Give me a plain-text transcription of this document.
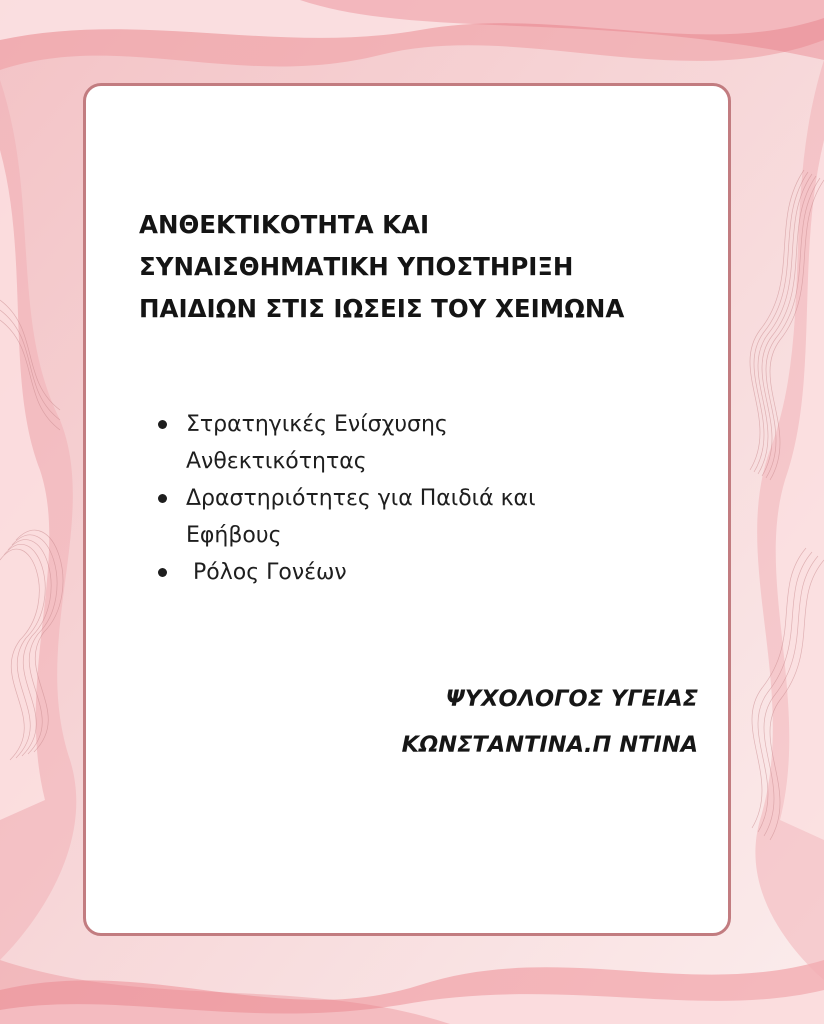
ΑΝΘΕΚΤΙΚΟΤΗΤΑ ΚΑΙ
ΣΥΝΑΙΣΘΗΜΑΤΙΚΗ ΥΠΟΣΤΗΡΙΞΗ
ΠΑΙΔΙΩΝ ΣΤΙΣ ΙΩΣΕΙΣ ΤΟΥ ΧΕΙΜΩΝΑ
Στρατηγικές Ενίσχυσης
Ανθεκτικότητας
Δραστηριότητες για Παιδιά και
Εφήβους
Ρόλος Γονέων
ΨΥΧΟΛΟΓΟΣ ΥΓΕΙΑΣ
ΚΩΝΣΤΑΝΤΙΝΑ.Π ΝΤΙΝΑ
